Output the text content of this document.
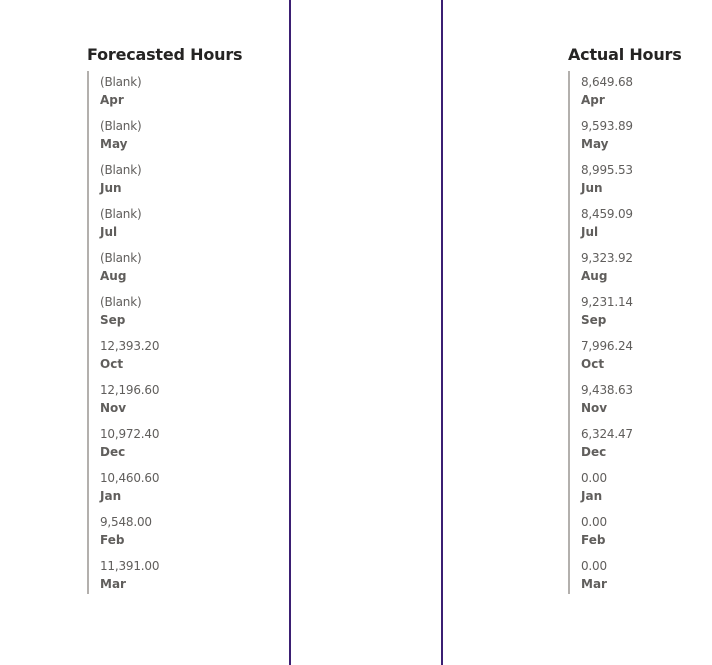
Forecasted Hours
(Blank)
Apr
(Blank)
May
(Blank)
Jun
(Blank)
Jul
(Blank)
Aug
(Blank)
Sep
12,393.20
Oct
12,196.60
Nov
10,972.40
Dec
10,460.60
Jan
9,548.00
Feb
11,391.00
Mar
Actual Hours
8,649.68
Apr
9,593.89
May
8,995.53
Jun
8,459.09
Jul
9,323.92
Aug
9,231.14
Sep
7,996.24
Oct
9,438.63
Nov
6,324.47
Dec
0.00
Jan
0.00
Feb
0.00
Mar
